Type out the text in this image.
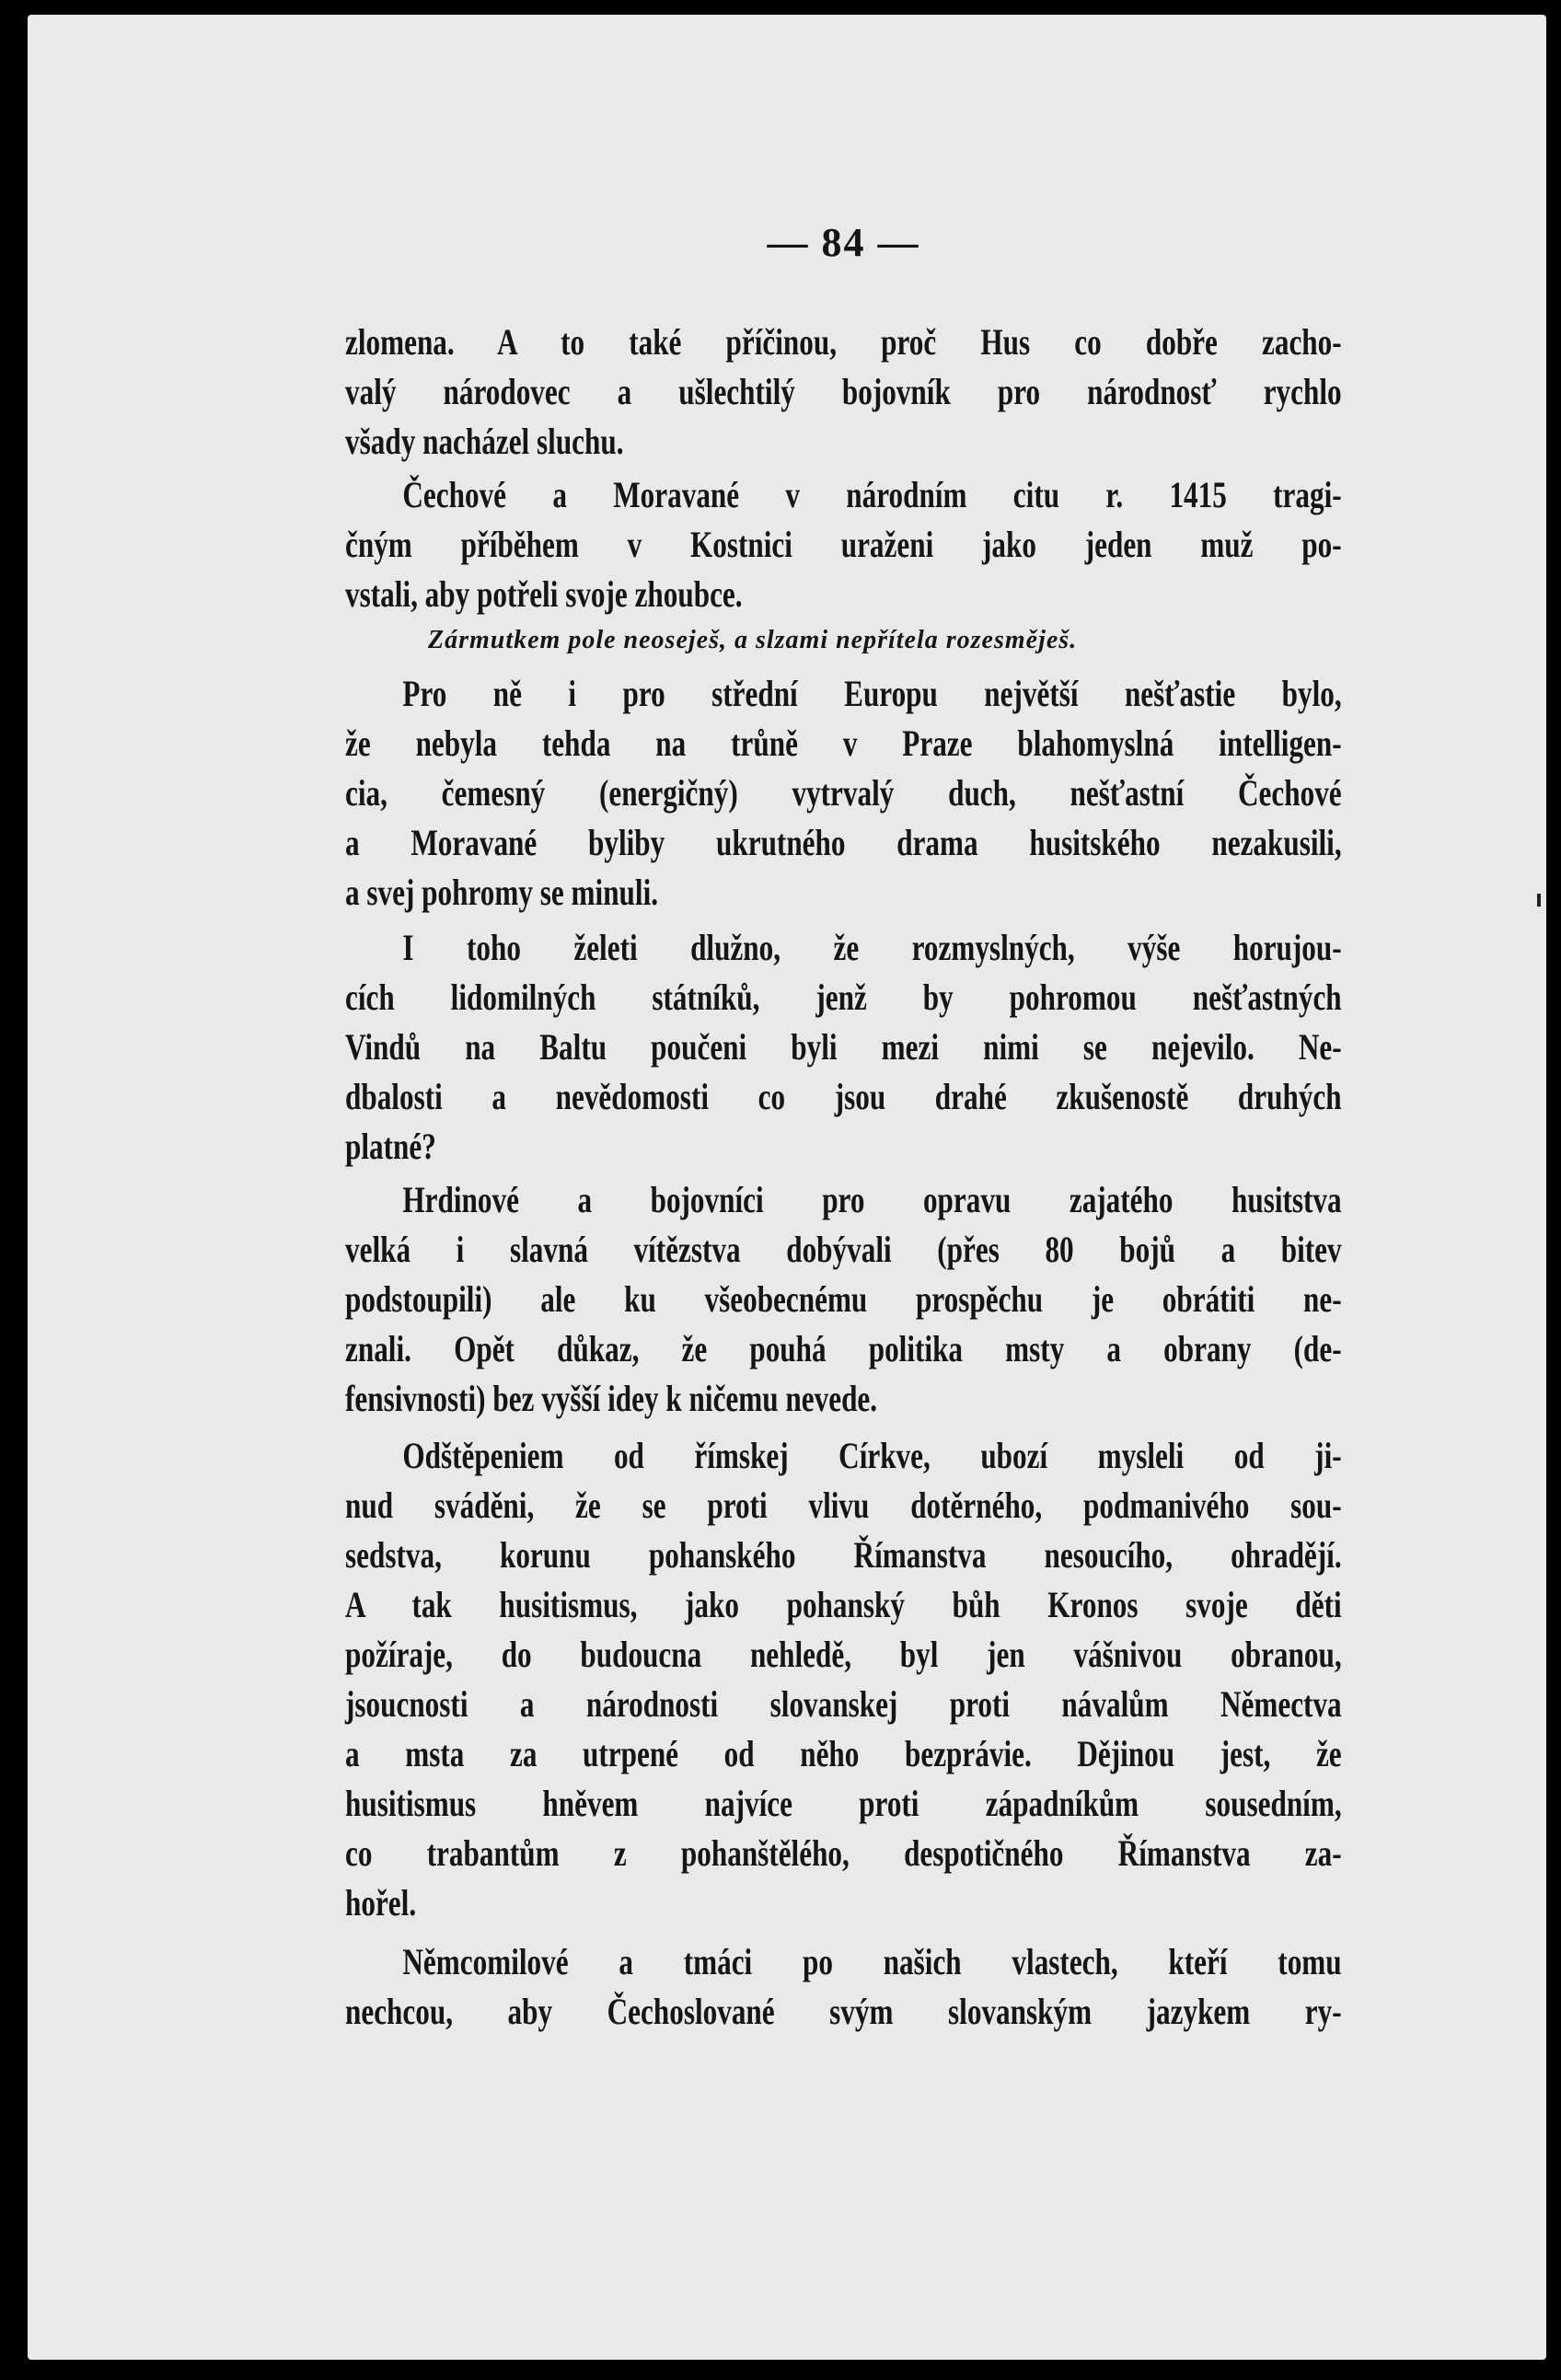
— 84 —
zlomena. A to také příčinou, proč Hus co dobře zacho-
valý národovec a ušlechtilý bojovník pro národnosť rychlo
všady nacházel sluchu.
Čechové a Moravané v národním citu r. 1415 tragi-
čným příběhem v Kostnici uraženi jako jeden muž po-
vstali, aby potřeli svoje zhoubce.
Zármutkem pole neoseješ, a slzami nepřítela rozesměješ.
Pro ně i pro střední Europu největší nešťastie bylo,
že nebyla tehda na trůně v Praze blahomyslná intelligen-
cia, čemesný (energičný) vytrvalý duch, nešťastní Čechové
a Moravané byliby ukrutného drama husitského nezakusili,
a svej pohromy se minuli.
I toho želeti dlužno, že rozmyslných, výše horujou-
cích lidomilných státníků, jenž by pohromou nešťastných
Vindů na Baltu poučeni byli mezi nimi se nejevilo. Ne-
dbalosti a nevědomosti co jsou drahé zkušenostě druhých
platné?
Hrdinové a bojovníci pro opravu zajatého husitstva
velká i slavná vítězstva dobývali (přes 80 bojů a bitev
podstoupili) ale ku všeobecnému prospěchu je obrátiti ne-
znali. Opět důkaz, že pouhá politika msty a obrany (de-
fensivnosti) bez vyšší idey k ničemu nevede.
Odštěpeniem od římskej Církve, ubozí mysleli od ji-
nud sváděni, že se proti vlivu dotěrného, podmanivého sou-
sedstva, korunu pohanského Římanstva nesoucího, ohradějí.
A tak husitismus, jako pohanský bůh Kronos svoje děti
požíraje, do budoucna nehledě, byl jen vášnivou obranou,
jsoucnosti a národnosti slovanskej proti návalům Němectva
a msta za utrpené od něho bezprávie. Dějinou jest, že
husitismus hněvem najvíce proti západníkům sousedním,
co trabantům z pohanštělého, despotičného Římanstva za-
hořel.
Němcomilové a tmáci po našich vlastech, kteří tomu
nechcou, aby Čechoslované svým slovanským jazykem ry-
